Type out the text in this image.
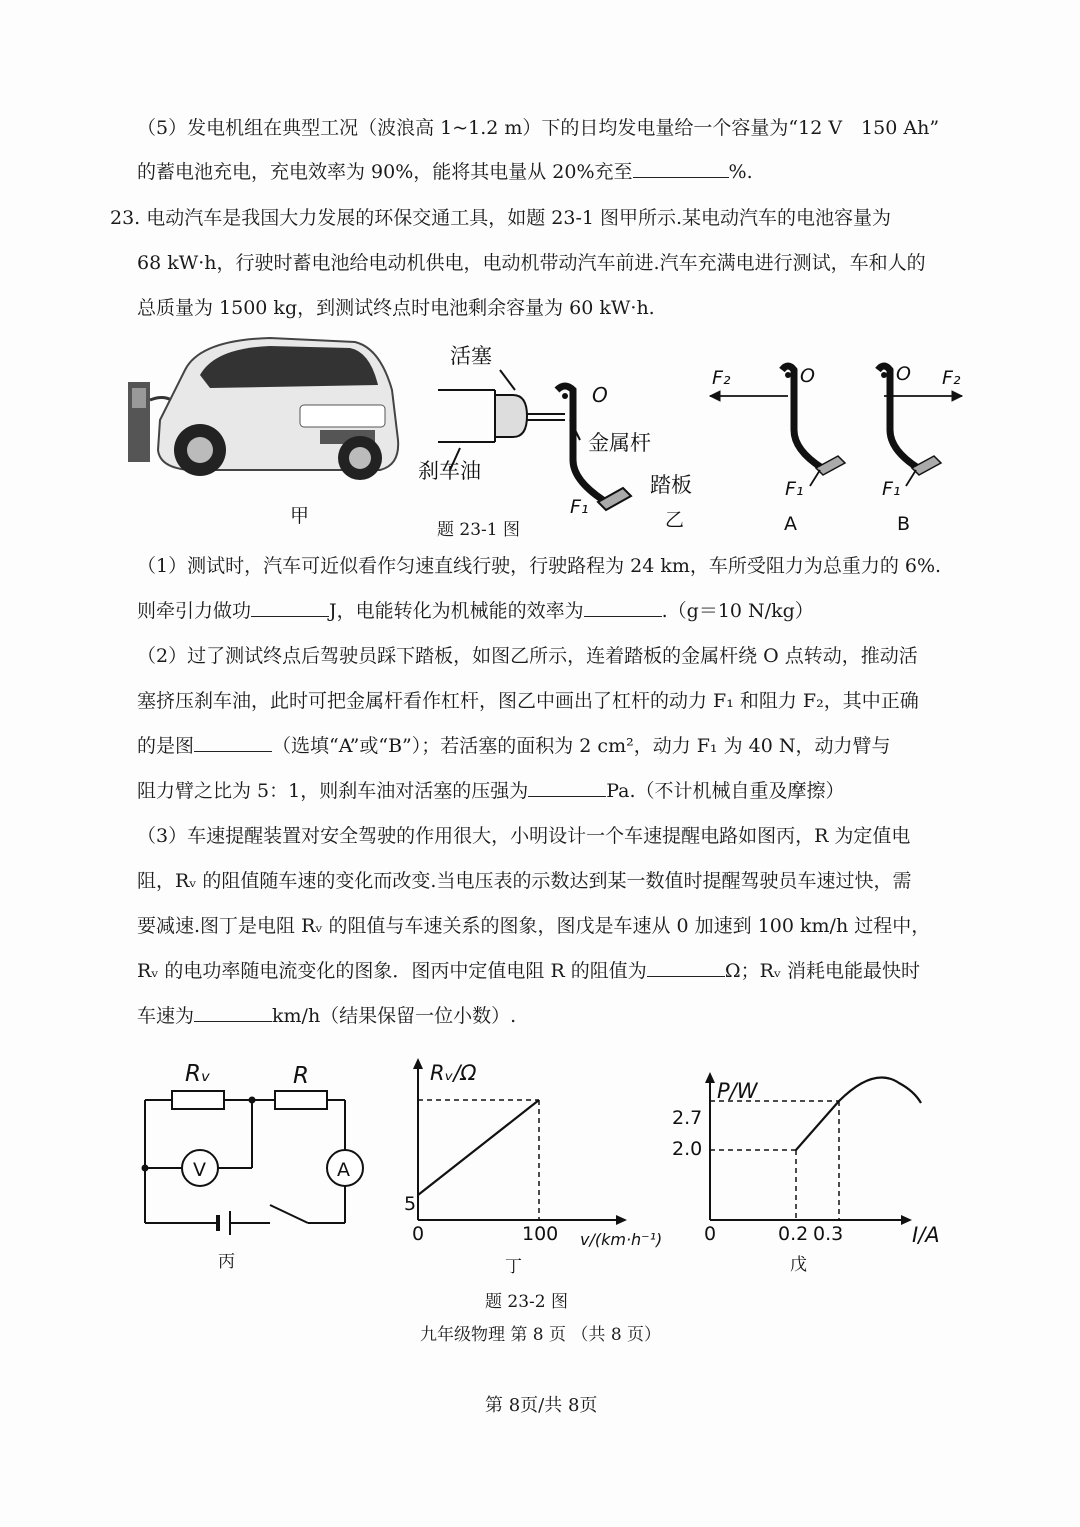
（5）发电机组在典型工况（波浪高 1~1.2 m）下的日均发电量给一个容量为“12 V　150 Ah”
的蓄电池充电，充电效率为 90%，能将其电量从 20%充至	%.
23. 电动汽车是我国大力发展的环保交通工具，如题 23-1 图甲所示.某电动汽车的电池容量为
68 kW·h，行驶时蓄电池给电动机供电，电动机带动汽车前进.汽车充满电进行测试，车和人的
总质量为 1500 kg，到测试终点时电池剩余容量为 60 kW·h.
甲
活塞
刹车油
O
金属杆
踏板
F₁
乙
F₂	O
F₁
A
O F₂
F₁
B
题 23-1 图
（1）测试时，汽车可近似看作匀速直线行驶，行驶路程为 24 km，车所受阻力为总重力的 6%.
则牵引力做功	J，电能转化为机械能的效率为	.（g＝10 N/kg）
（2）过了测试终点后驾驶员踩下踏板，如图乙所示，连着踏板的金属杆绕 O 点转动，推动活
塞挤压刹车油，此时可把金属杆看作杠杆，图乙中画出了杠杆的动力 F₁ 和阻力 F₂，其中正确
的是图	（选填“A”或“B”）；若活塞的面积为 2 cm²，动力 F₁ 为 40 N，动力臂与
阻力臂之比为 5：1，则刹车油对活塞的压强为	Pa.（不计机械自重及摩擦）
（3）车速提醒装置对安全驾驶的作用很大，小明设计一个车速提醒电路如图丙，R 为定值电
阻，Rᵥ 的阻值随车速的变化而改变.当电压表的示数达到某一数值时提醒驾驶员车速过快，需
要减速.图丁是电阻 Rᵥ 的阻值与车速关系的图象，图戊是车速从 0 加速到 100 km/h 过程中，
Rᵥ 的电功率随电流变化的图象．图丙中定值电阻 R 的阻值为	Ω；Rᵥ 消耗电能最快时
车速为	km/h（结果保留一位小数）.
Rᵥ	R
V	A
丙
Rᵥ/Ω
5
0	100 v/(km·h⁻¹)
丁
P/W
2.7
2.0
0	0.2 0.3	I/A
戊
题 23-2 图
九年级物理 第 8 页 （共 8 页）
第 8页/共 8页
